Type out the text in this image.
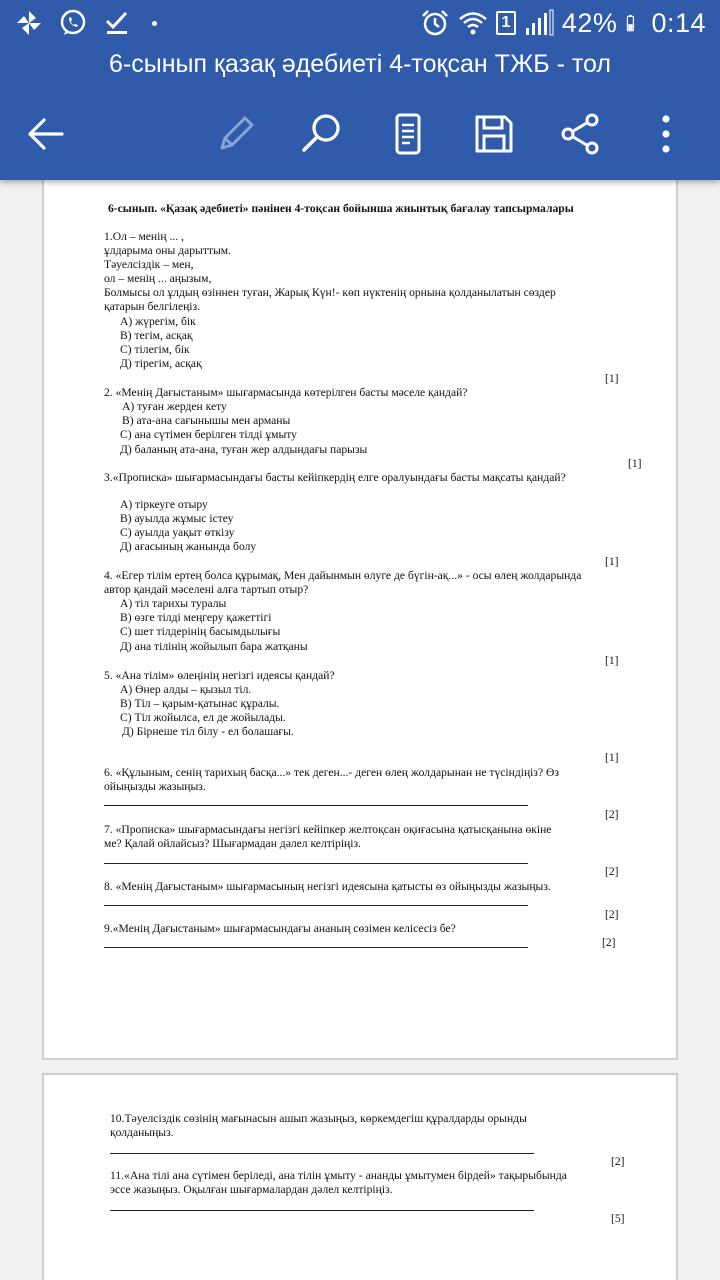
1 42% 0:14
6-сынып қазақ әдебиеті 4-тоқсан ТЖБ - тол
6-сынып. «Қазақ әдебиеті» пәнінен 4-тоқсан бойынша жиынтық бағалау тапсырмалары
1.Ол – менің ... ,
ұлдарыма оны дарыттым.
Тәуелсіздік – мен,
ол – менің ... аңызым,
Болмысы ол ұлдың өзіннен туған, Жарық Күн!- көп нүктенің орнына қолданылатын сөздер
қатарын белгілеңіз.
А) жүрегім, бік
В) тегім, асқақ
С) тілегім, бік
Д) тірегім, асқақ
[1]
2. «Менің Дағыстаным» шығармасында көтерілген басты мәселе қандай?
А) туған жерден кету
В) ата-ана сағынышы мен арманы
С) ана сүтімен берілген тілді ұмыту
Д) баланың ата-ана, туған жер алдындағы парызы
[1]
3.«Прописка» шығармасындағы басты кейіпкердің елге оралуындағы басты мақсаты қандай?
А) тіркеуге отыру
В) ауылда жұмыс істеу
С) ауылда уақыт өткізу
Д) ағасының жанында болу
[1]
4. «Егер тілім ертең болса құрымақ, Мен дайынмын өлуге де бүгін-ақ...» - осы өлең жолдарында
автор қандай мәселені алға тартып отыр?
А) тіл тарихы туралы
В) өзге тілді меңгеру қажеттігі
С) шет тілдерінің басымдылығы
Д) ана тілінің жойылып бара жатқаны
[1]
5. «Ана тілім» өлеңінің негізгі идеясы қандай?
А) Өнер алды – қызыл тіл.
В) Тіл – қарым-қатынас құралы.
С) Тіл жойылса, ел де жойылады.
Д) Бірнеше тіл білу - ел болашағы.
[1]
6. «Құлыным, сенің тарихың басқа...» тек деген...- деген өлең жолдарынан не түсіндіңіз? Өз
ойыңызды жазыңыз.
[2]
7. «Прописка» шығармасындағы негізгі кейіпкер желтоқсан оқиғасына қатысқанына өкіне
ме? Қалай ойлайсыз? Шығармадан дәлел келтіріңіз.
[2]
8. «Менің Дағыстаным» шығармасының негізгі идеясына қатысты өз ойыңызды жазыңыз.
[2]
9.«Менің Дағыстаным» шығармасындағы ананың сөзімен келісесіз бе?
[2]
10.Тәуелсіздік сөзінің мағынасын ашып жазыңыз, көркемдегіш құралдарды орынды
қолданыңыз.
[2]
11.«Ана тілі ана сүтімен беріледі, ана тілін ұмыту - ананды ұмытумен бірдей» тақырыбында
эссе жазыңыз. Оқылған шығармалардан дәлел келтіріңіз.
[5]
